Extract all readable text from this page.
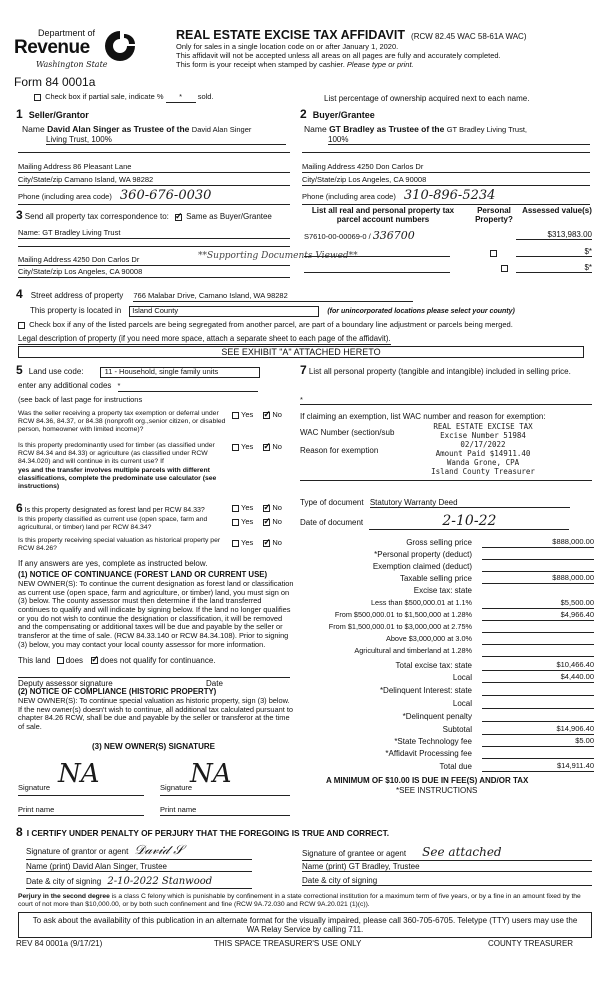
Department of
Revenue
Washington State
Form 84 0001a
REAL ESTATE EXCISE TAX AFFIDAVIT (RCW 82.45 WAC 58-61A WAC)
Only for sales in a single location code on or after January 1, 2020.
This affidavit will not be accepted unless all areas on all pages are fully and accurately completed.
This form is your receipt when stamped by cashier. Please type or print.
Check box if partial sale, indicate % * sold.	List percentage of ownership acquired next to each name.
1 Seller/Grantor
Name David Alan Singer as Trustee of the David Alan Singer
Living Trust, 100%
Mailing Address 86 Pleasant Lane
City/State/zip Camano Island, WA 98282
Phone (including area code) 360-676-0030
2 Buyer/Grantee
Name GT Bradley as Trustee of the GT Bradley Living Trust,
100%
Mailing Address 4250 Don Carlos Dr
City/State/zip Los Angeles, CA 90008
Phone (including area code) 310-896-5234
3 Send all property tax correspondence to: ✓ Same as Buyer/Grantee
Name: GT Bradley Living Trust
Mailing Address 4250 Don Carlos Dr
City/State/zip Los Angeles, CA 90008
**Supporting Documents Viewed**
List all real and personal property tax parcel account numbers
Personal Property?
Assessed value(s)
S7610-00-00069-0 / 336700	$313,983.00

$*
$*
4 Street address of property 766 Malabar Drive, Camano Island, WA 98282
This property is located in Island County	(for unincorporated locations please select your county)
Check box if any of the listed parcels are being segregated from another parcel, are part of a boundary line adjustment or parcels being merged.
Legal description of property (if you need more space, attach a separate sheet to each page of the affidavit).
SEE EXHIBIT "A" ATTACHED HERETO
5 Land use code:	11 - Household, single family units
enter any additional codes *
(see back of last page for instructions
Was the seller receiving a property tax exemption or deferral under RCW 84.36, 84.37, or 84.38 (nonprofit org.,senior citizen, or disabled person, homeowner with limited income)?
Yes ✓	No
Is this property predominantly used for timber (as classified under RCW 84.34 and 84.33) or agriculture (as classified under RCW 84.34.020) and will continue in its current use? If
yes and the transfer involves multiple parcels with different classifications, complete the predominate use calculator (see instructions)
Yes ✓	No
6 Is this property designated as forest land per RCW 84.33?	Yes ✓	No
Is this property classified as current use (open space, farm and agricultural, or timber) land per RCW 84.34?
Yes ✓	No
Is this property receiving special valuation as historical property per RCW 84.26?
Yes ✓	No
If any answers are yes, complete as instructed below.
(1) NOTICE OF CONTINUANCE (FOREST LAND OR CURRENT USE)
NEW OWNER(S): To continue the current designation as forest land or classification as current use (open space, farm and agriculture, or timber) land, you must sign on (3) below. The county assessor must then determine if the land transferred continues to qualify and will indicate by signing below. If the land no longer qualifies or you do not wish to continue the designation or classification, it will be removed and the compensating or additional taxes will be due and payable by the seller or transferor at the time of sale. (RCW 84.33.140 or RCW 84.34.108). Prior to signing (3) below, you may contact your local county assessor for more information.
This land does ✓ does not qualify for continuance.
Deputy assessor signature	Date
(2) NOTICE OF COMPLIANCE (HISTORIC PROPERTY)
NEW OWNER(S): To continue special valuation as historic property, sign (3) below. If the new owner(s) doesn't wish to continue, all additional tax calculated pursuant to chapter 84.26 RCW, shall be due and payable by the seller or transferor at the time of sale.
(3) NEW OWNER(S) SIGNATURE
Signature NA
Print name
Signature
NA
Print name
7 List all personal property (tangible and intangible) included in selling price.
*
If claiming an exemption, list WAC number and reason for exemption:
WAC Number (section/sub
Reason for exemption
REAL ESTATE EXCISE TAX
Excise Number 51984
02/17/2022
Amount Paid $14911.40
Wanda Grone, CPA
Island County Treasurer
Type of document Statutory Warranty Deed
Date of document	2-10-22
Gross selling price	$888,000.00
*Personal property (deduct)
Exemption claimed (deduct)
Taxable selling price	$888,000.00
Excise tax: state
Less than $500,000.01 at 1.1%	$5,500.00
From $500,000.01 to $1,500,000 at 1.28%	$4,966.40
From $1,500,000.01 to $3,000,000 at 2.75%
Above $3,000,000 at 3.0%
Agricultural and timberland at 1.28%
Total excise tax: state	$10,466.40
Local	$4,440.00
*Delinquent Interest: state
Local
*Delinquent penalty
Subtotal	$14,906.40
*State Technology fee	$5.00
*Affidavit Processing fee
Total due	$14,911.40
A MINIMUM OF $10.00 IS DUE IN FEE(S) AND/OR TAX
*SEE INSTRUCTIONS
8 I CERTIFY UNDER PENALTY OF PERJURY THAT THE FOREGOING IS TRUE AND CORRECT.
Signature of grantor or agent 𝒟𝒶𝓋𝒾𝒹 𝒮	Signature of grantee or agent See attached
Name (print) David Alan Singer, Trustee	Name (print) GT Bradley, Trustee
Date & city of signing 2-10-2022 Stanwood	Date & city of signing
Perjury in the second degree is a class C felony which is punishable by confinement in a state correctional institution for a maximum term of five years, or by a fine in an amount fixed by the court of not more than $10,000.00, or by both such confinement and fine (RCW 9A.72.030 and RCW 9A.20.021 (1)(c)).
To ask about the availability of this publication in an alternate format for the visually impaired, please call 360-705-6705. Teletype (TTY) users may use the WA Relay Service by calling 711.
REV 84 0001a (9/17/21)	THIS SPACE TREASURER'S USE ONLY	COUNTY TREASURER
